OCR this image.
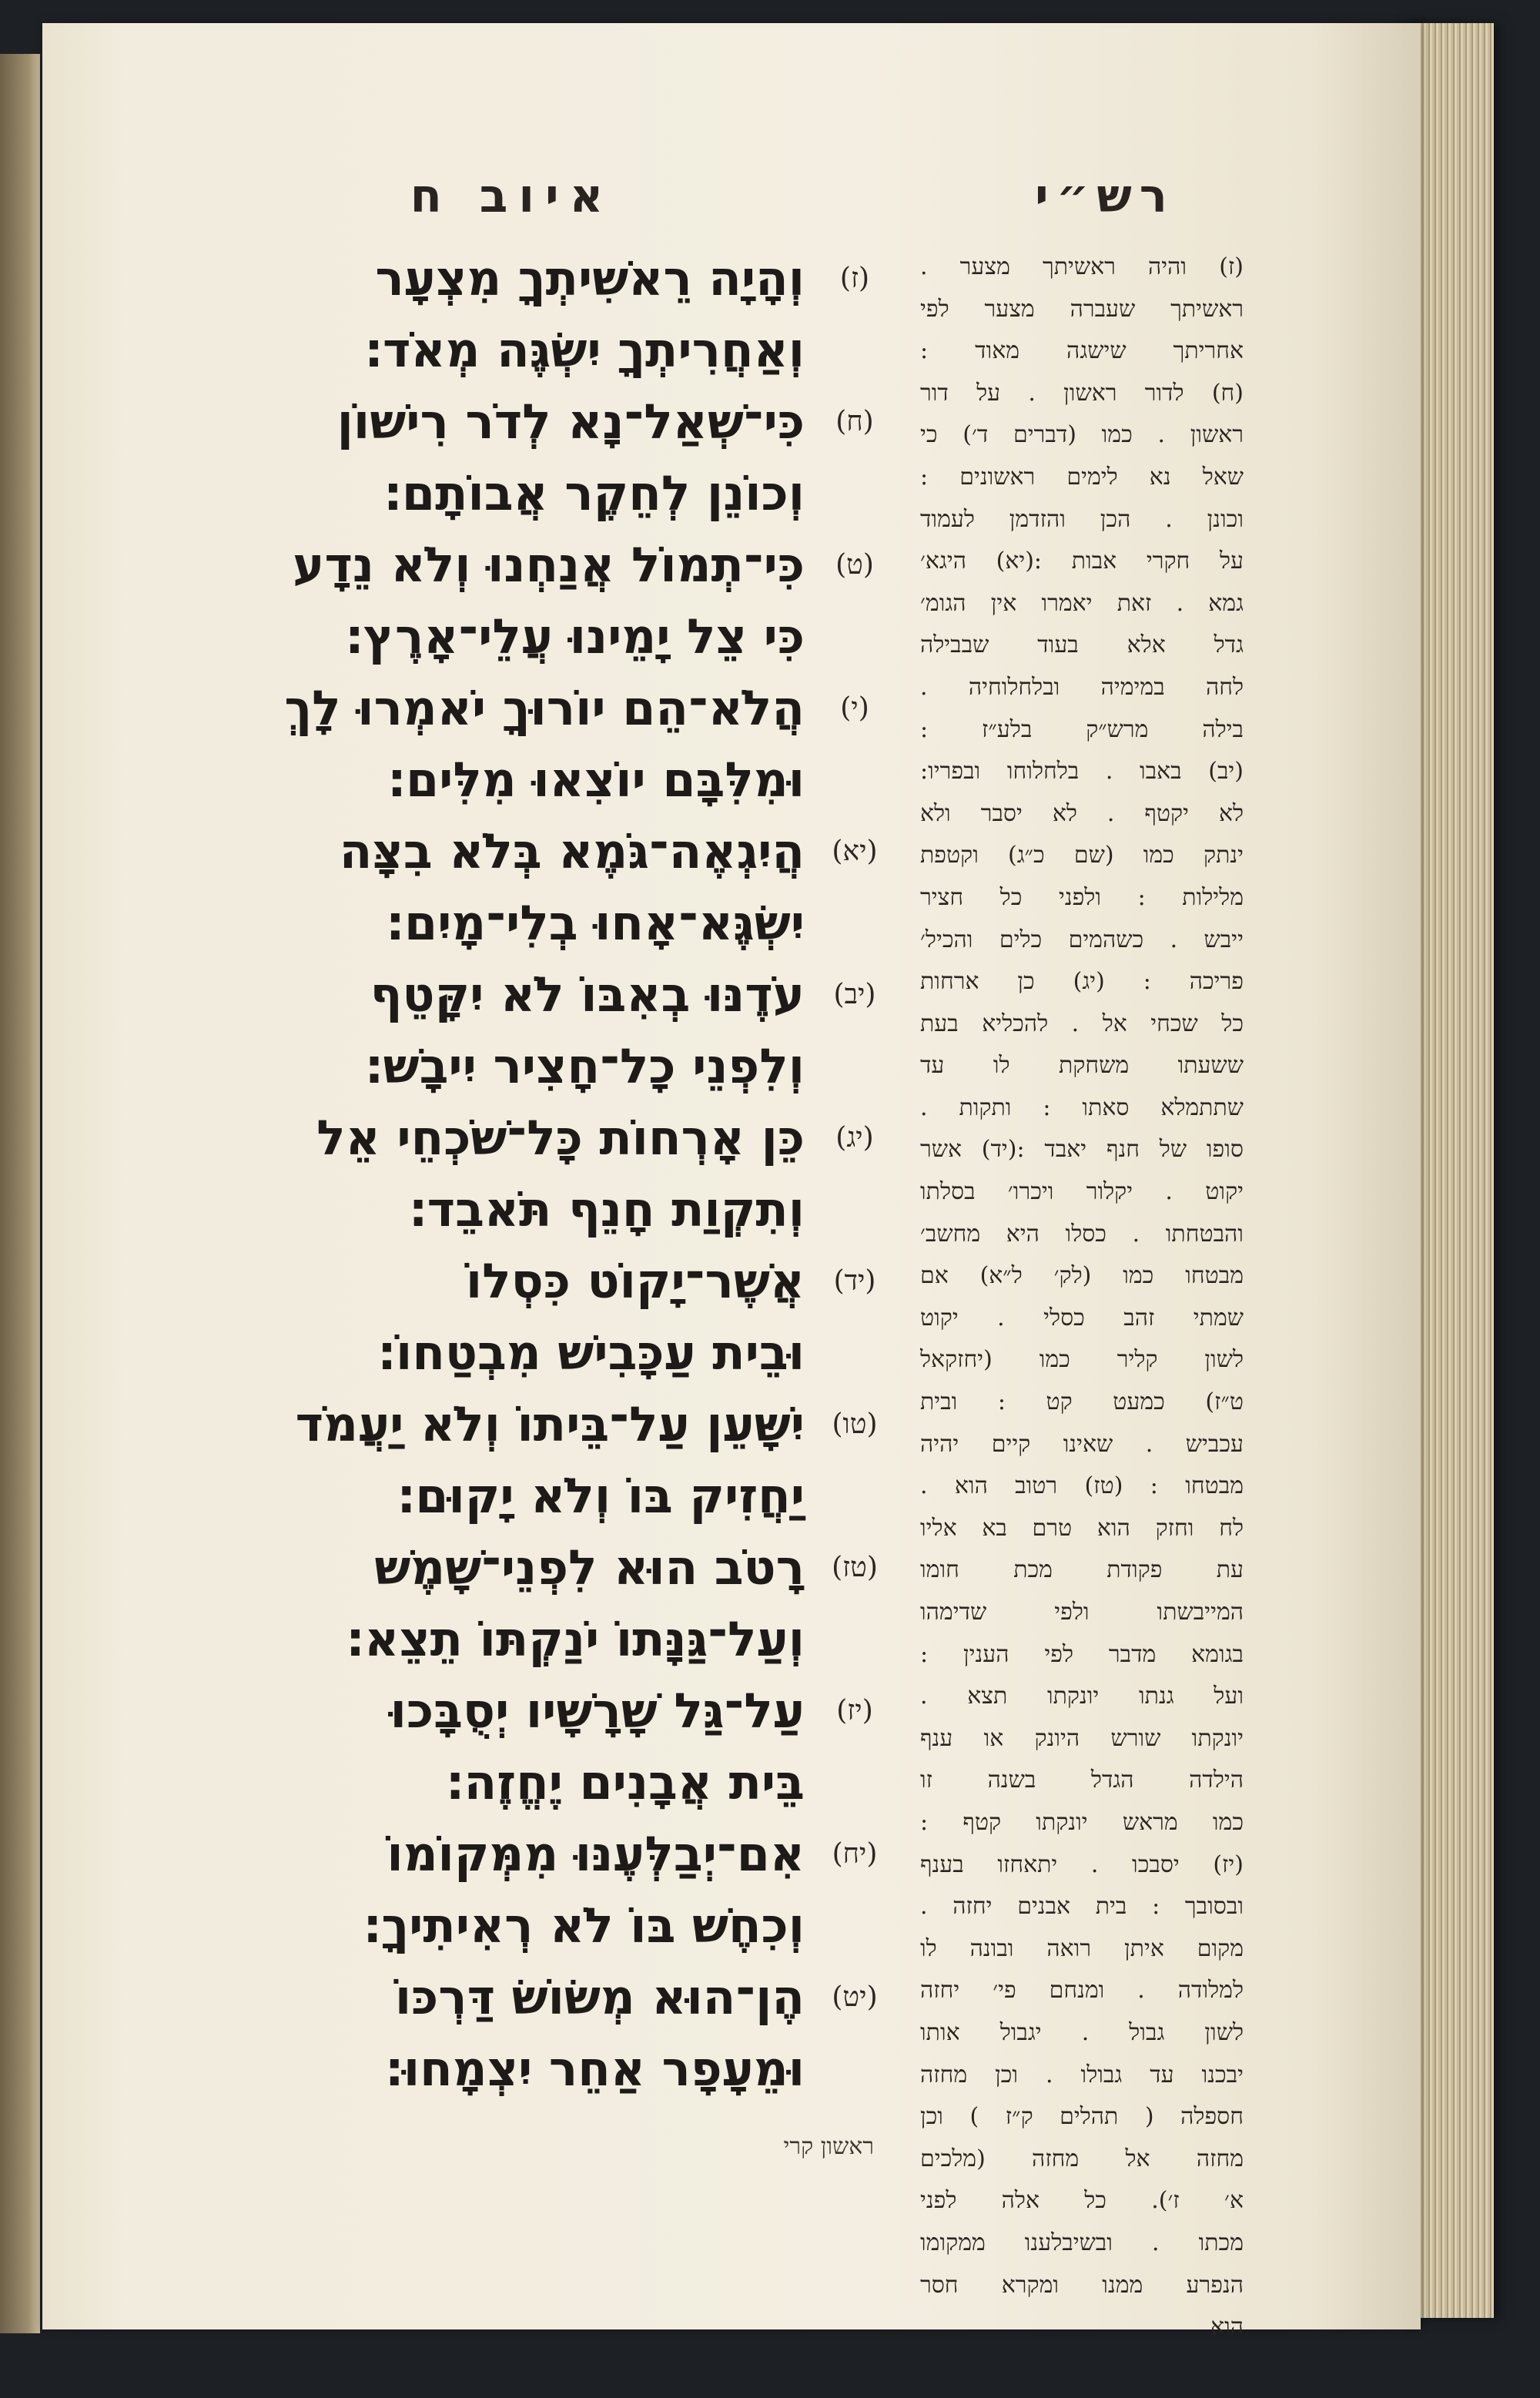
רש״י
איוב ח
(ז)
וְהָיָה רֵאשִׁיתְךָ מִצְעָר
וְאַחֲרִיתְךָ יִשְׂגֶּה מְאֹד׃
(ח)
כִּי־שְׁאַל־נָא לְדֹר רִישׁוֹן
וְכוֹנֵן לְחֵקֶר אֲבוֹתָם׃
(ט)
כִּי־תְמוֹל אֲנַחְנוּ וְלֹא נֵדָע
כִּי צֵל יָמֵינוּ עֲלֵי־אָרֶץ׃
(י)
הֲלֹא־הֵם יוֹרוּךָ יֹאמְרוּ לָךְ
וּמִלִּבָּם יוֹצִאוּ מִלִּים׃
(יא)
הֲיִגְאֶה־גֹּמֶא בְּלֹא בִצָּה
יִשְׂגֶּא־אָחוּ בְלִי־מָיִם׃
(יב)
עֹדֶנּוּ בְאִבּוֹ לֹא יִקָּטֵף
וְלִפְנֵי כָל־חָצִיר יִיבָשׁ׃
(יג)
כֵּן אָרְחוֹת כָּל־שֹׁכְחֵי אֵל
וְתִקְוַת חָנֵף תֹּאבֵד׃
(יד)
אֲשֶׁר־יָקוֹט כִּסְלוֹ
וּבֵית עַכָּבִישׁ מִבְטַחוֹ׃
(טו)
יִשָּׁעֵן עַל־בֵּיתוֹ וְלֹא יַעֲמֹד
יַחֲזִיק בּוֹ וְלֹא יָקוּם׃
(טז)
רָטֹב הוּא לִפְנֵי־שָׁמֶשׁ
וְעַל־גַּנָּתוֹ יֹנַקְתּוֹ תֵצֵא׃
(יז)
עַל־גַּל שָׁרָשָׁיו יְסֻבָּכוּ
בֵּית אֲבָנִים יֶחֱזֶה׃
(יח)
אִם־יְבַלְּעֶנּוּ מִמְּקוֹמוֹ
וְכִחֶשׁ בּוֹ לֹא רְאִיתִיךָ׃
(יט)
הֶן־הוּא מְשׂוֹשׂ דַּרְכּוֹ
וּמֵעָפָר אַחֵר יִצְמָחוּ׃
ראשון קרי
(ז) והיה ראשיתך מצער .
ראשיתך שעברה מצער לפי
אחריתך שישגה מאוד :
(ח) לדור ראשון . על דור
ראשון . כמו (דברים ד׳) כי
שאל נא לימים ראשונים :
וכונן . הכן והזדמן לעמוד
על חקרי אבות :(יא) היגא׳
גמא . זאת יאמרו אין הגומ׳
גדל אלא בעוד שבבילה
לחה במימיה ובלחלוחיה .
בילה מרש״ק בלע״ז :
(יב) באבו . בלחלוחו ובפריו:
לא יקטף . לא יסבר ולא
ינתק כמו (שם כ״ג) וקטפת
מלילות : ולפני כל חציר
ייבש . כשהמים כלים והכיל׳
פריכה : (יג) כן ארחות
כל שכחי אל . להכליא בעת
ששעתו משחקת לו עד
שתתמלא סאתו : ותקות .
סופו של חנף יאבד :(יד) אשר
יקוט . יקלור ויכרו׳ בסלתו
והבטחתו . כסלו היא מחשב׳
מבטחו כמו (לק׳ ל״א) אם
שמתי זהב כסלי . יקוט
לשון קליר כמו (יחזקאל
ט״ז) כמעט קט : ובית
עכביש . שאינו קיים יהיה
מבטחו : (טז) רטוב הוא .
לח וחזק הוא טרם בא אליו
עת פקודת מכת חומו
המייבשתו ולפי שדימהו
בגומא מדבר לפי הענין :
ועל גנתו יונקתו תצא .
יונקתו שורש היונק או ענף
הילדה הגדל בשנה זו
כמו מראש יונקתו קטף :
(יז) יסבכו . יתאחזו בענף
ובסובך : בית אבנים יחזה .
מקום איתן רואה ובונה לו
למלודה . ומנחם פי׳ יחזה
לשון גבול . יגבול אותו
יבכנו עד גבולו . וכן מחזה
חספלה ( תהלים ק״ז ) וכן
מחזה אל מחזה (מלכים
א׳ ז׳). כל אלה לפני
מכתו . ובשיבלענו ממקומו
הנפרע ממנו ומקרא חסר
הוא
